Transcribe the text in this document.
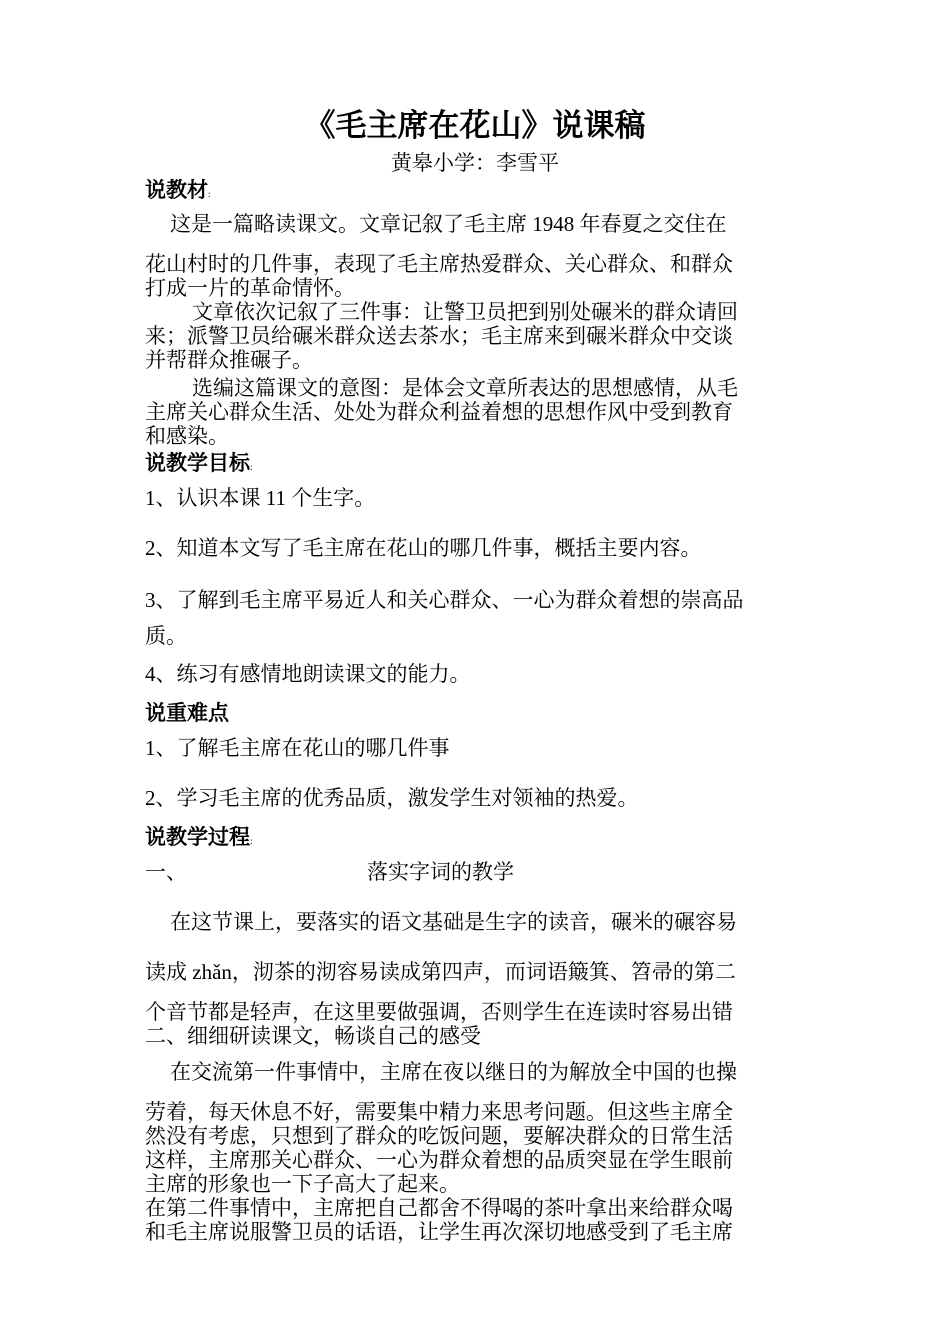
《毛主席在花山》说课稿
黄皋小学：李雪平
说教材:
这是一篇略读课文。文章记叙了毛主席 1948 年春夏之交住在
花山村时的几件事，表现了毛主席热爱群众、关心群众、和群众
打成一片的革命情怀。
文章依次记叙了三件事：让警卫员把到别处碾米的群众请回
来；派警卫员给碾米群众送去茶水；毛主席来到碾米群众中交谈
并帮群众推碾子。
选编这篇课文的意图：是体会文章所表达的思想感情，从毛
主席关心群众生活、处处为群众利益着想的思想作风中受到教育
和感染。
说教学目标:
1、认识本课 11 个生字。
2、知道本文写了毛主席在花山的哪几件事，概括主要内容。
3、了解到毛主席平易近人和关心群众、一心为群众着想的崇高品
质。
4、练习有感情地朗读课文的能力。
说重难点
1、了解毛主席在花山的哪几件事
2、学习毛主席的优秀品质，激发学生对领袖的热爱。
说教学过程:
一、	落实字词的教学
在这节课上，要落实的语文基础是生字的读音，碾米的碾容易
读成 zhǎn，沏茶的沏容易读成第四声，而词语簸箕、笤帚的第二
个音节都是轻声，在这里要做强调，否则学生在连读时容易出错
二、细细研读课文，畅谈自己的感受
在交流第一件事情中，主席在夜以继日的为解放全中国的也操
劳着，每天休息不好，需要集中精力来思考问题。但这些主席全
然没有考虑，只想到了群众的吃饭问题，要解决群众的日常生活
这样，主席那关心群众、一心为群众着想的品质突显在学生眼前
主席的形象也一下子高大了起来。
在第二件事情中，主席把自己都舍不得喝的茶叶拿出来给群众喝
和毛主席说服警卫员的话语，让学生再次深切地感受到了毛主席
